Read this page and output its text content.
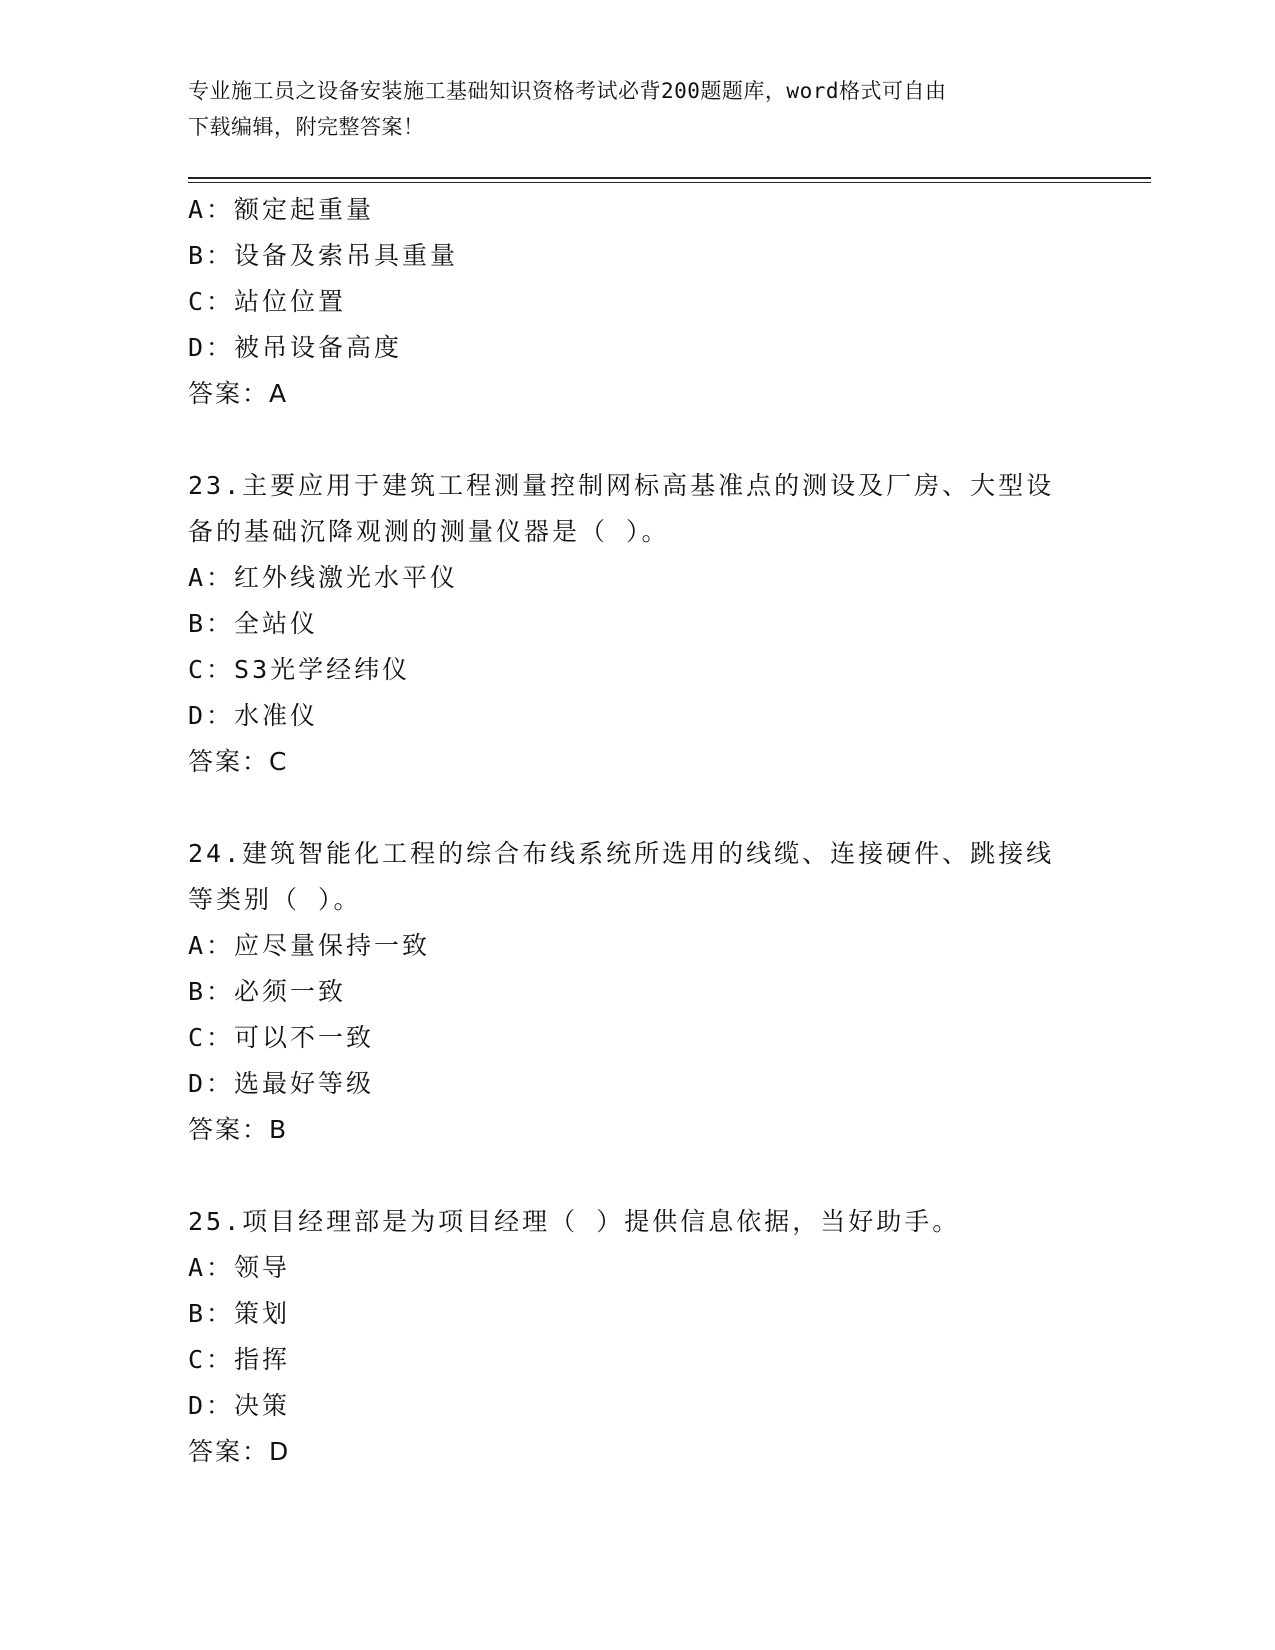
专业施工员之设备安装施工基础知识资格考试必背200题题库，word格式可自由
下载编辑，附完整答案！
A：额定起重量
B：设备及索吊具重量
C：站位位置
D：被吊设备高度
答案：A
23.主要应用于建筑工程测量控制网标高基准点的测设及厂房、大型设
备的基础沉降观测的测量仪器是（ ）。
A：红外线激光水平仪
B：全站仪
C：S3光学经纬仪
D：水准仪
答案：C
24.建筑智能化工程的综合布线系统所选用的线缆、连接硬件、跳接线
等类别（ ）。
A：应尽量保持一致
B：必须一致
C：可以不一致
D：选最好等级
答案：B
25.项目经理部是为项目经理（ ）提供信息依据，当好助手。
A：领导
B：策划
C：指挥
D：决策
答案：D
